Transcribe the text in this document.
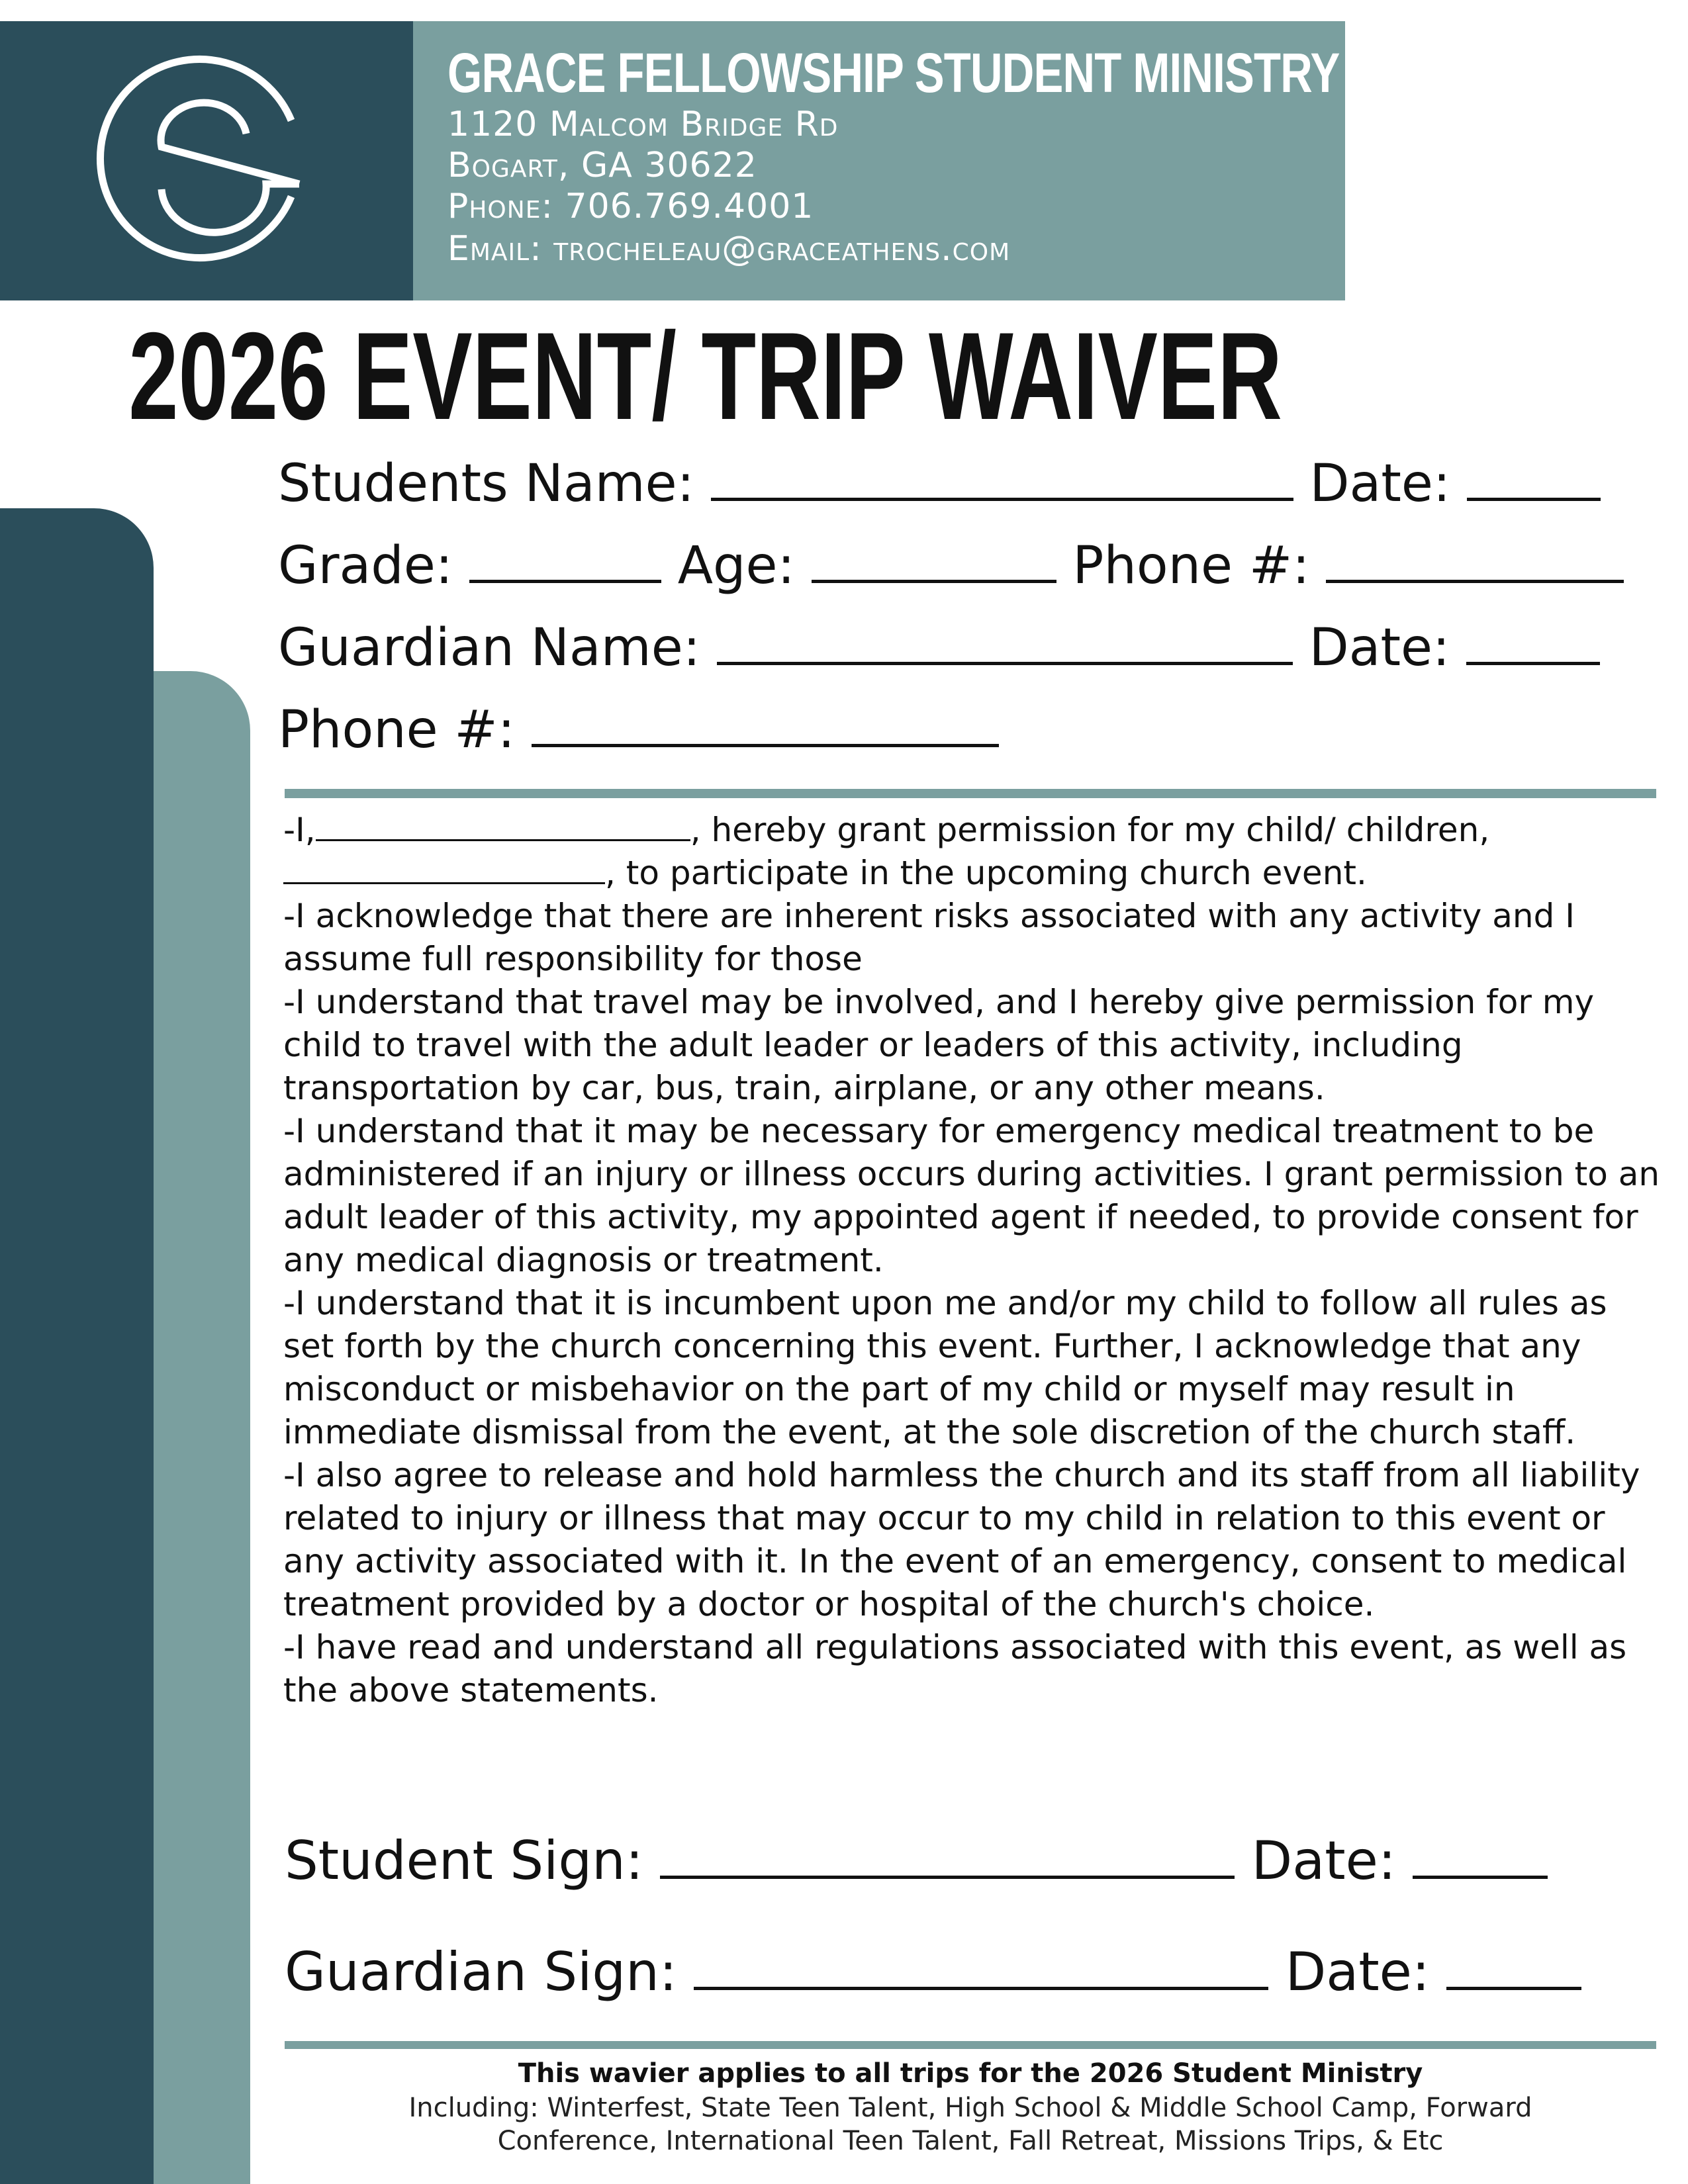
GRACE FELLOWSHIP STUDENT MINISTRY
1120 Malcom Bridge Rd
Bogart, GA 30622
Phone: 706.769.4001
Email: trocheleau@graceathens.com
2026 EVENT/ TRIP WAIVER
Students Name:	Date:
Grade:	Age:	Phone #:
Guardian Name:	Date:
Phone #:

-I,	, hereby grant permission for my child/ children,
, to participate in the upcoming church event.

-I acknowledge that there are inherent risks associated with any activity and I assume full responsibility for those

-I understand that travel may be involved, and I hereby give permission for my child to travel with the adult leader or leaders of this activity, including transportation by car, bus, train, airplane, or any other means.

-I understand that it may be necessary for emergency medical treatment to be administered if an injury or illness occurs during activities. I grant permission to an adult leader of this activity, my appointed agent if needed, to provide consent for any medical diagnosis or treatment.

-I understand that it is incumbent upon me and/or my child to follow all rules as set forth by the church concerning this event. Further, I acknowledge that any misconduct or misbehavior on the part of my child or myself may result in immediate dismissal from the event, at the sole discretion of the church staff.

-I also agree to release and hold harmless the church and its staff from all liability related to injury or illness that may occur to my child in relation to this event or any activity associated with it. In the event of an emergency, consent to medical treatment provided by a doctor or hospital of the church's choice.

-I have read and understand all regulations associated with this event, as well as the above statements.

Student Sign:	Date:
Guardian Sign:	Date:
This wavier applies to all trips for the 2026 Student Ministry
Including: Winterfest, State Teen Talent, High School & Middle School Camp, Forward
Conference, International Teen Talent, Fall Retreat, Missions Trips, & Etc
